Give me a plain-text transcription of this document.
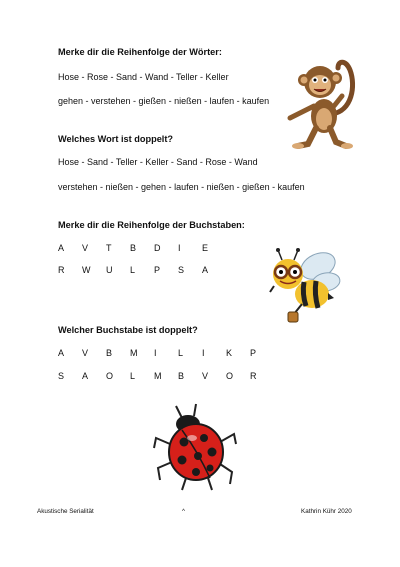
Merke dir die Reihenfolge der Wörter:
Hose - Rose - Sand - Wand - Teller - Keller
gehen - verstehen - gießen - nießen - laufen - kaufen
Welches Wort ist doppelt?
Hose - Sand - Teller - Keller - Sand - Rose - Wand
verstehen - nießen - gehen - laufen - nießen - gießen - kaufen
Merke dir die Reihenfolge der Buchstaben:
A	V	T	B	D	I	E
R	W	U	L	P	S	A
Welcher Buchstabe ist doppelt?
A	V	B	M	I	L	I	K	P
S	A	O	L	M	B	V	O	R
Akustische Serialität	^	Kathrin Kühr 2020
